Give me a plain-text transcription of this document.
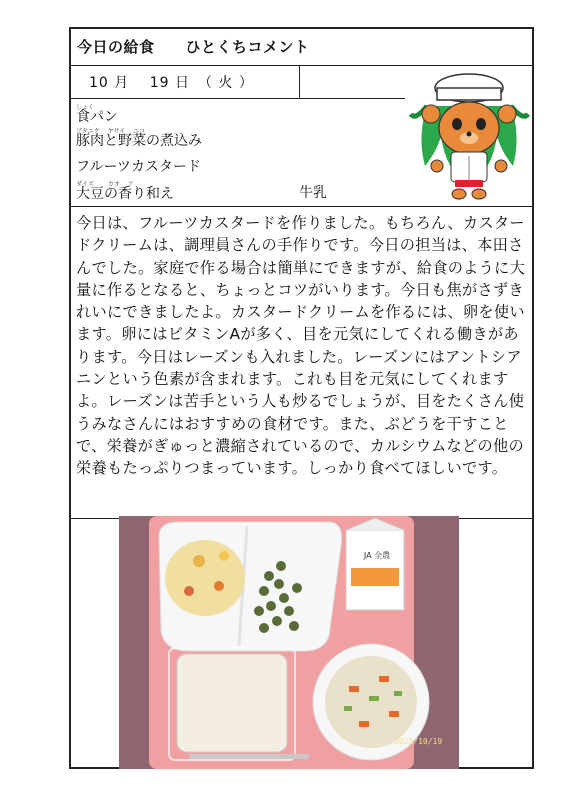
今日の給食　　ひとくちコメント
10 月　 19 日　（ 火 ）
しょく
食パン
ブタニク　 ヤサイ　 ニコ
豚肉と野菜の煮込み
フルーツカスタード
ダイズ　　 カオ　 ア
大豆の香り和え	牛乳
今日は、フルーツカスタードを作りました。もちろん、カスタードクリームは、調理員さんの手作りです。今日の担当は、本田さんでした。家庭で作る場合は簡単にできますが、給食のように大量に作るとなると、ちょっとコツがいります。今日も焦がさずきれいにできましたよ。カスタードクリームを作るには、卵を使います。卵にはビタミンAが多く、目を元気にしてくれる働きがあります。今日はレーズンも入れました。レーズンにはアントシアニンという色素が含まれます。これも目を元気にしてくれますよ。レーズンは苦手という人も炒るでしょうが、目をたくさん使うみなさんにはおすすめの食材です。また、ぶどうを干すことで、栄養がぎゅっと濃縮されているので、カルシウムなどの他の栄養もたっぷりつまっています。しっかり食べてほしいです。
JA 全農
2021/10/19
